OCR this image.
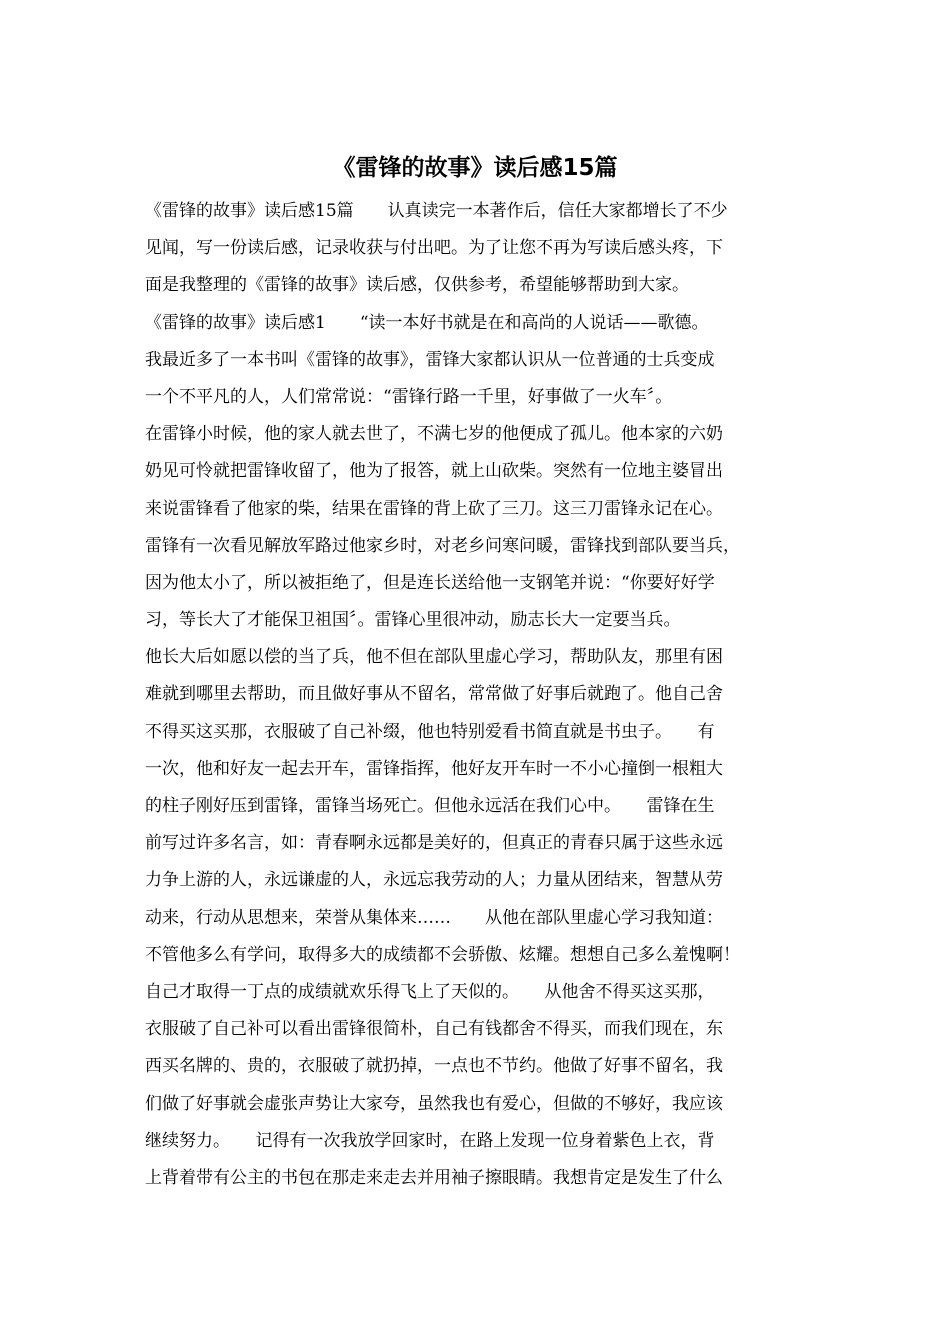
《雷锋的故事》读后感15篇
《雷锋的故事》读后感15篇　　认真读完一本著作后，信任大家都增长了不少
见闻，写一份读后感，记录收获与付出吧。为了让您不再为写读后感头疼，下
面是我整理的《雷锋的故事》读后感，仅供参考，希望能够帮助到大家。
《雷锋的故事》读后感1　　“读一本好书就是在和高尚的人说话——歌德。
我最近多了一本书叫《雷锋的故事》，雷锋大家都认识从一位普通的士兵变成
一个不平凡的人，人们常常说：“雷锋行路一千里，好事做了一火车〞。
在雷锋小时候，他的家人就去世了，不满七岁的他便成了孤儿。他本家的六奶
奶见可怜就把雷锋收留了，他为了报答，就上山砍柴。突然有一位地主婆冒出
来说雷锋看了他家的柴，结果在雷锋的背上砍了三刀。这三刀雷锋永记在心。
雷锋有一次看见解放军路过他家乡时，对老乡问寒问暖，雷锋找到部队要当兵，
因为他太小了，所以被拒绝了，但是连长送给他一支钢笔并说：“你要好好学
习，等长大了才能保卫祖国〞。雷锋心里很冲动，励志长大一定要当兵。
他长大后如愿以偿的当了兵，他不但在部队里虚心学习，帮助队友，那里有困
难就到哪里去帮助，而且做好事从不留名，常常做了好事后就跑了。他自己舍
不得买这买那，衣服破了自己补缀，他也特别爱看书简直就是书虫子。　　有
一次，他和好友一起去开车，雷锋指挥，他好友开车时一不小心撞倒一根粗大
的柱子刚好压到雷锋，雷锋当场死亡。但他永远活在我们心中。　　雷锋在生
前写过许多名言，如：青春啊永远都是美好的，但真正的青春只属于这些永远
力争上游的人，永远谦虚的人，永远忘我劳动的人；力量从团结来，智慧从劳
动来，行动从思想来，荣誉从集体来……　　从他在部队里虚心学习我知道：
不管他多么有学问，取得多大的成绩都不会骄傲、炫耀。想想自己多么羞愧啊！
自己才取得一丁点的成绩就欢乐得飞上了天似的。　　从他舍不得买这买那，
衣服破了自己补可以看出雷锋很简朴，自己有钱都舍不得买，而我们现在，东
西买名牌的、贵的，衣服破了就扔掉，一点也不节约。他做了好事不留名，我
们做了好事就会虚张声势让大家夸，虽然我也有爱心，但做的不够好，我应该
继续努力。　　记得有一次我放学回家时，在路上发现一位身着紫色上衣，背
上背着带有公主的书包在那走来走去并用袖子擦眼睛。我想肯定是发生了什么
